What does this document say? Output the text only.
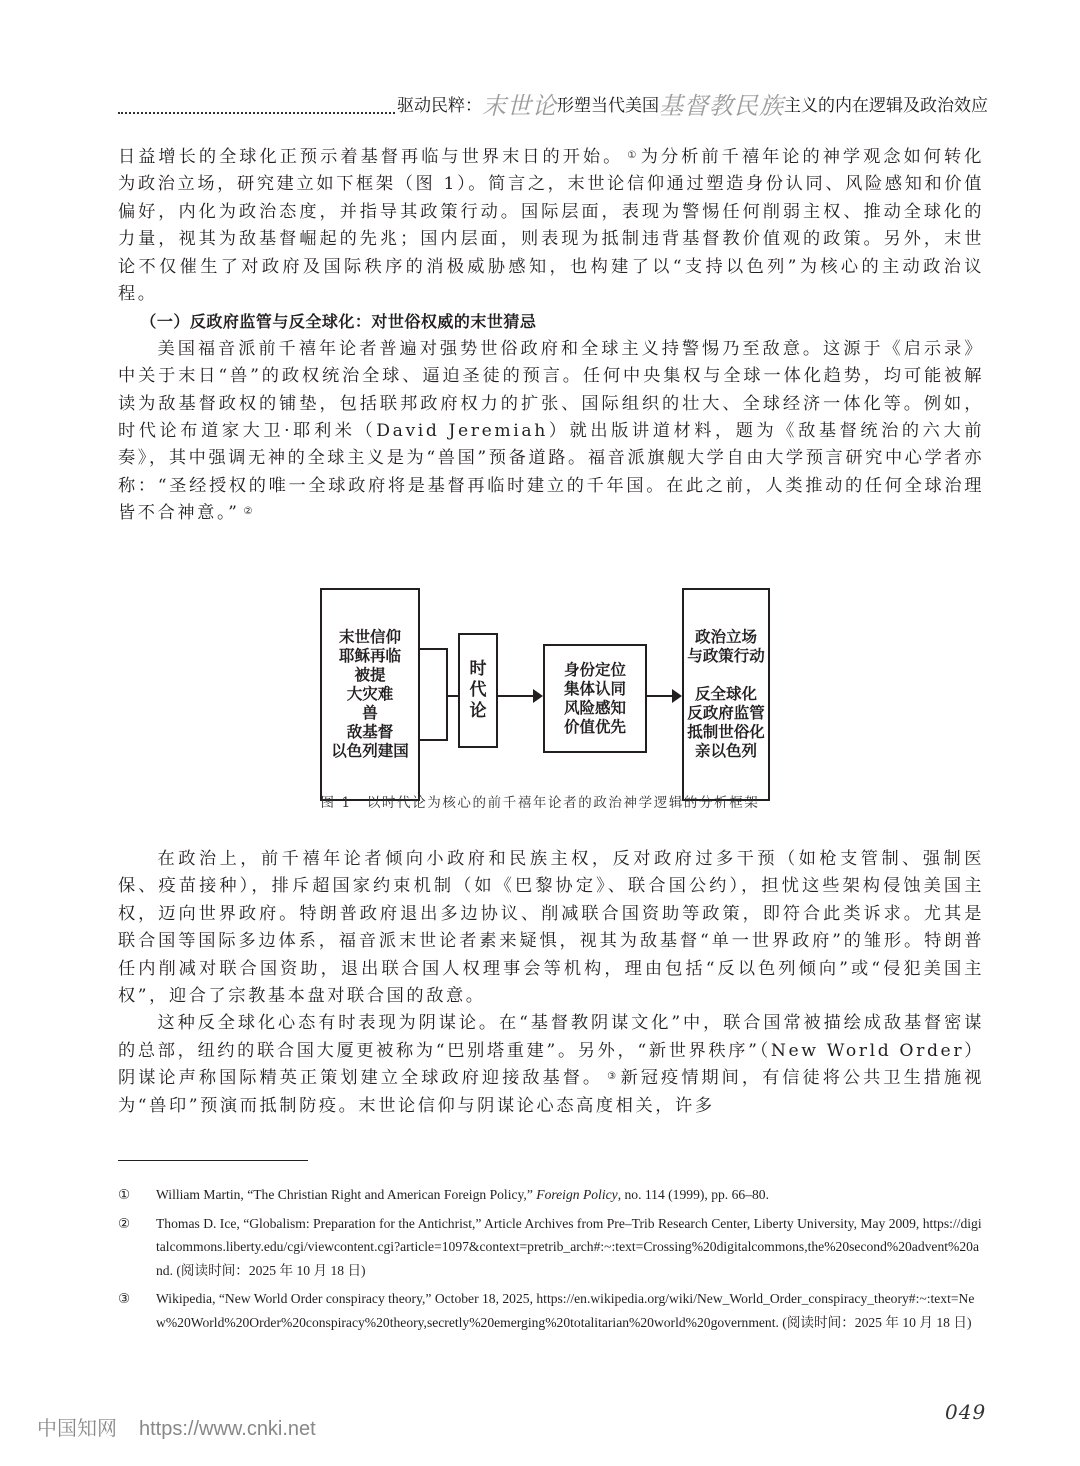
驱动民粹： 末世论 形塑当代美国 基督教民族 主义的内在逻辑及政治效应

日益增长的全球化正预示着基督再临与世界末日的开始。 ① 为分析前千禧年论的神学观念如何转化为政治立场，研究建立如下框架（图 1）。简言之，末世论信仰通过塑造身份认同、风险感知和价值偏好，内化为政治态度，并指导其政策行动。国际层面，表现为警惕任何削弱主权、推动全球化的力量，视其为敌基督崛起的先兆；国内层面，则表现为抵制违背基督教价值观的政策。另外，末世论不仅催生了对政府及国际秩序的消极威胁感知，也构建了以“支持以色列”为核心的主动政治议程。

（一）反政府监管与反全球化：对世俗权威的末世猜忌

美国福音派前千禧年论者普遍对强势世俗政府和全球主义持警惕乃至敌意。这源于《启示录》中关于末日“兽”的政权统治全球、逼迫圣徒的预言。任何中央集权与全球一体化趋势，均可能被解读为敌基督政权的铺垫，包括联邦政府权力的扩张、国际组织的壮大、全球经济一体化等。例如，时代论布道家大卫·耶利米（David Jeremiah）就出版讲道材料，题为《敌基督统治的六大前奏》，其中强调无神的全球主义是为“兽国”预备道路。福音派旗舰大学自由大学预言研究中心学者亦称：“圣经授权的唯一全球政府将是基督再临时建立的千年国。在此之前，人类推动的任何全球治理皆不合神意。” ②

末世信仰
耶稣再临
被提
大灾难
兽
敌基督
以色列建国
时
代
论
身份定位
集体认同
风险感知
价值优先
政治立场
与政策行动
反全球化
反政府监管
抵制世俗化
亲以色列
图 1　以时代论为核心的前千禧年论者的政治神学逻辑的分析框架

在政治上，前千禧年论者倾向小政府和民族主权，反对政府过多干预（如枪支管制、强制医保、疫苗接种），排斥超国家约束机制（如《巴黎协定》、联合国公约），担忧这些架构侵蚀美国主权，迈向世界政府。特朗普政府退出多边协议、削减联合国资助等政策，即符合此类诉求。尤其是联合国等国际多边体系，福音派末世论者素来疑惧，视其为敌基督“单一世界政府”的雏形。特朗普任内削减对联合国资助，退出联合国人权理事会等机构，理由包括“反以色列倾向”或“侵犯美国主权”，迎合了宗教基本盘对联合国的敌意。

这种反全球化心态有时表现为阴谋论。在“基督教阴谋文化”中，联合国常被描绘成敌基督密谋的总部，纽约的联合国大厦更被称为“巴别塔重建”。另外，“新世界秩序”（New World Order）阴谋论声称国际精英正策划建立全球政府迎接敌基督。 ③ 新冠疫情期间，有信徒将公共卫生措施视为“兽印”预演而抵制防疫。末世论信仰与阴谋论心态高度相关，许多

①	William Martin, “The Christian Right and American Foreign Policy,” Foreign Policy, no. 114 (1999), pp. 66–80.
②	Thomas D. Ice, “Globalism: Preparation for the Antichrist,” Article Archives from Pre–Trib Research Center, Liberty University, May 2009, https://digitalcommons.liberty.edu/cgi/viewcontent.cgi?article=1097&context=pretrib_arch#:~:text=Crossing%20digitalcommons,the%20second%20advent%20and. (阅读时间：2025 年 10 月 18 日)
③	Wikipedia, “New World Order conspiracy theory,” October 18, 2025, https://en.wikipedia.org/wiki/New_World_Order_conspiracy_theory#:~:text=New%20World%20Order%20conspiracy%20theory,secretly%20emerging%20totalitarian%20world%20government. (阅读时间：2025 年 10 月 18 日)
中国知网 https://www.cnki.net
049
